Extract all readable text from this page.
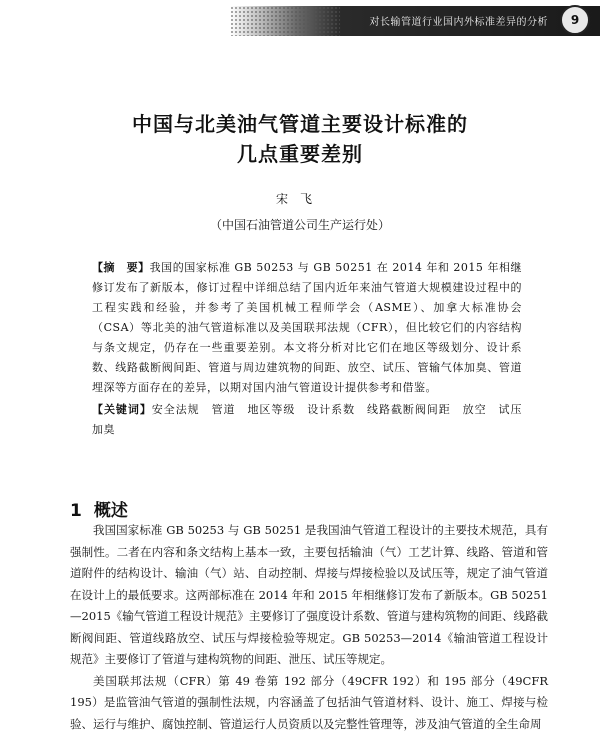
对长输管道行业国内外标准差异的分析	9
中国与北美油气管道主要设计标准的
几点重要差别
宋飞
（中国石油管道公司生产运行处）
【摘　要】我国的国家标准 GB 50253 与 GB 50251 在 2014 年和 2015 年相继修订发布了新版本，修订过程中详细总结了国内近年来油气管道大规模建设过程中的工程实践和经验，并参考了美国机械工程师学会（ASME）、加拿大标准协会（CSA）等北美的油气管道标准以及美国联邦法规（CFR），但比较它们的内容结构与条文规定，仍存在一些重要差别。本文将分析对比它们在地区等级划分、设计系数、线路截断阀间距、管道与周边建筑物的间距、放空、试压、管输气体加臭、管道埋深等方面存在的差异，以期对国内油气管道设计提供参考和借鉴。
【关键词】安全法规　管道　地区等级　设计系数　线路截断阀间距　放空　试压　加臭
1 概述

我国国家标准 GB 50253 与 GB 50251 是我国油气管道工程设计的主要技术规范，具有强制性。二者在内容和条文结构上基本一致，主要包括输油（气）工艺计算、线路、管道和管道附件的结构设计、输油（气）站、自动控制、焊接与焊接检验以及试压等，规定了油气管道在设计上的最低要求。这两部标准在 2014 年和 2015 年相继修订发布了新版本。GB 50251—2015《输气管道工程设计规范》主要修订了强度设计系数、管道与建构筑物的间距、线路截断阀间距、管道线路放空、试压与焊接检验等规定。GB 50253—2014《输油管道工程设计规范》主要修订了管道与建构筑物的间距、泄压、试压等规定。

美国联邦法规（CFR）第 49 卷第 192 部分（49CFR 192）和 195 部分（49CFR 195）是监管油气管道的强制性法规，内容涵盖了包括油气管道材料、设计、施工、焊接与检验、运行与维护、腐蚀控制、管道运行人员资质以及完整性管理等，涉及油气管道的全生命周
